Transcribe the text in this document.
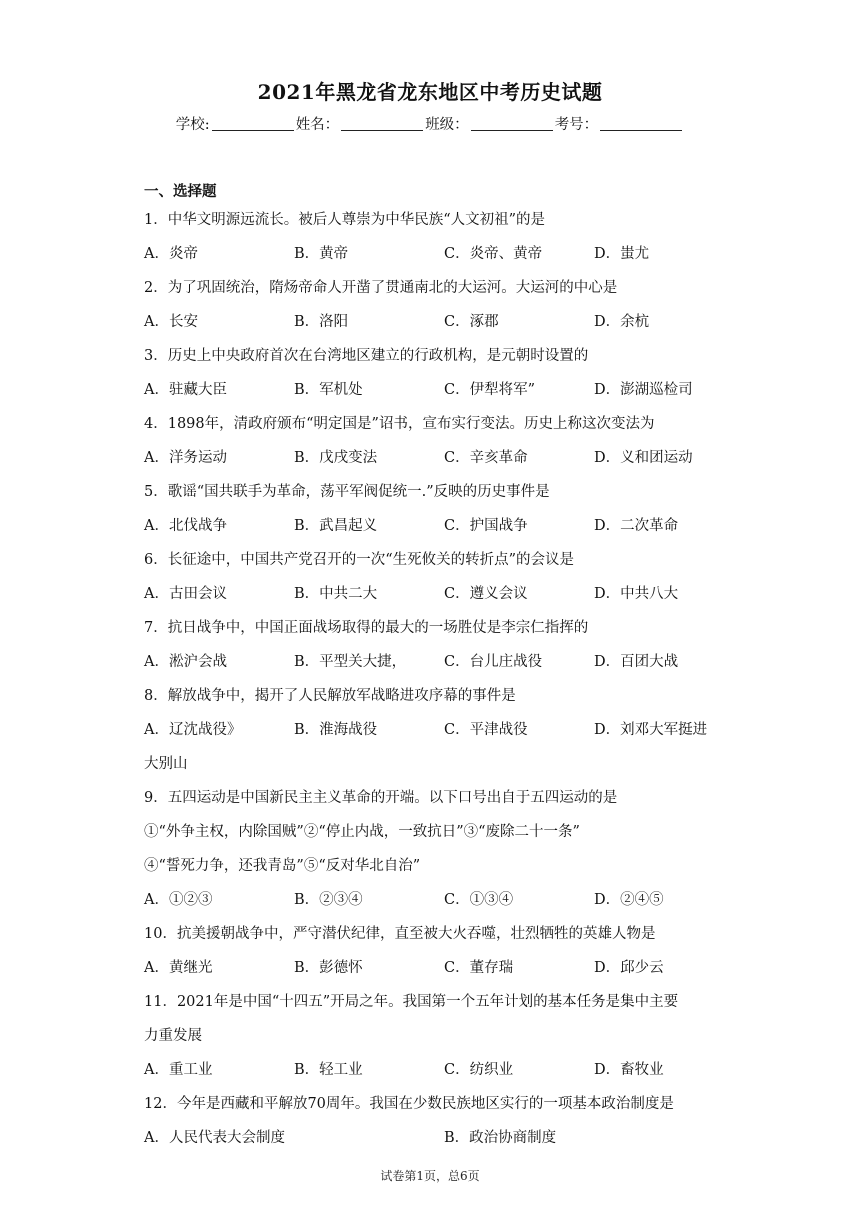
2021年黑龙省龙东地区中考历史试题
学校:	姓名：	班级：	考号：
一、选择题
1．中华文明源远流长。被后人尊崇为中华民族“人文初祖”的是
A．炎帝	B．黄帝	C．炎帝、黄帝	D．蚩尤
2．为了巩固统治，隋炀帝命人开凿了贯通南北的大运河。大运河的中心是
A．长安	B．洛阳	C．涿郡	D．余杭
3．历史上中央政府首次在台湾地区建立的行政机构，是元朝时设置的
A．驻藏大臣	B．军机处	C．伊犁将军”	D．澎湖巡检司
4．1898年，清政府颁布“明定国是”诏书，宣布实行变法。历史上称这次变法为
A．洋务运动	B．戊戌变法	C．辛亥革命	D．义和团运动
5．歌谣“国共联手为革命，荡平军阀促统一.”反映的历史事件是
A．北伐战争	B．武昌起义	C．护国战争	D．二次革命
6．长征途中，中国共产党召开的一次“生死攸关的转折点”的会议是
A．古田会议	B．中共二大	C．遵义会议	D．中共八大
7．抗日战争中，中国正面战场取得的最大的一场胜仗是李宗仁指挥的
A．淞沪会战	B．平型关大捷，	C．台儿庄战役	D．百团大战
8．解放战争中，揭开了人民解放军战略进攻序幕的事件是
A．辽沈战役》	B．淮海战役	C．平津战役	D．刘邓大军挺进
大别山
9．五四运动是中国新民主主义革命的开端。以下口号出自于五四运动的是
①“外争主权，内除国贼”②“停止内战，一致抗日”③“废除二十一条”
④“誓死力争，还我青岛”⑤“反对华北自治”
A．①②③	B．②③④	C．①③④	D．②④⑤
10．抗美援朝战争中，严守潜伏纪律，直至被大火吞噬，壮烈牺牲的英雄人物是
A．黄继光	B．彭德怀	C．董存瑞	D．邱少云
11．2021年是中国“十四五”开局之年。我国第一个五年计划的基本任务是集中主要
力重发展
A．重工业	B．轻工业	C．纺织业	D．畜牧业
12．今年是西藏和平解放70周年。我国在少数民族地区实行的一项基本政治制度是
A．人民代表大会制度	B．政治协商制度
试卷第1页，总6页
